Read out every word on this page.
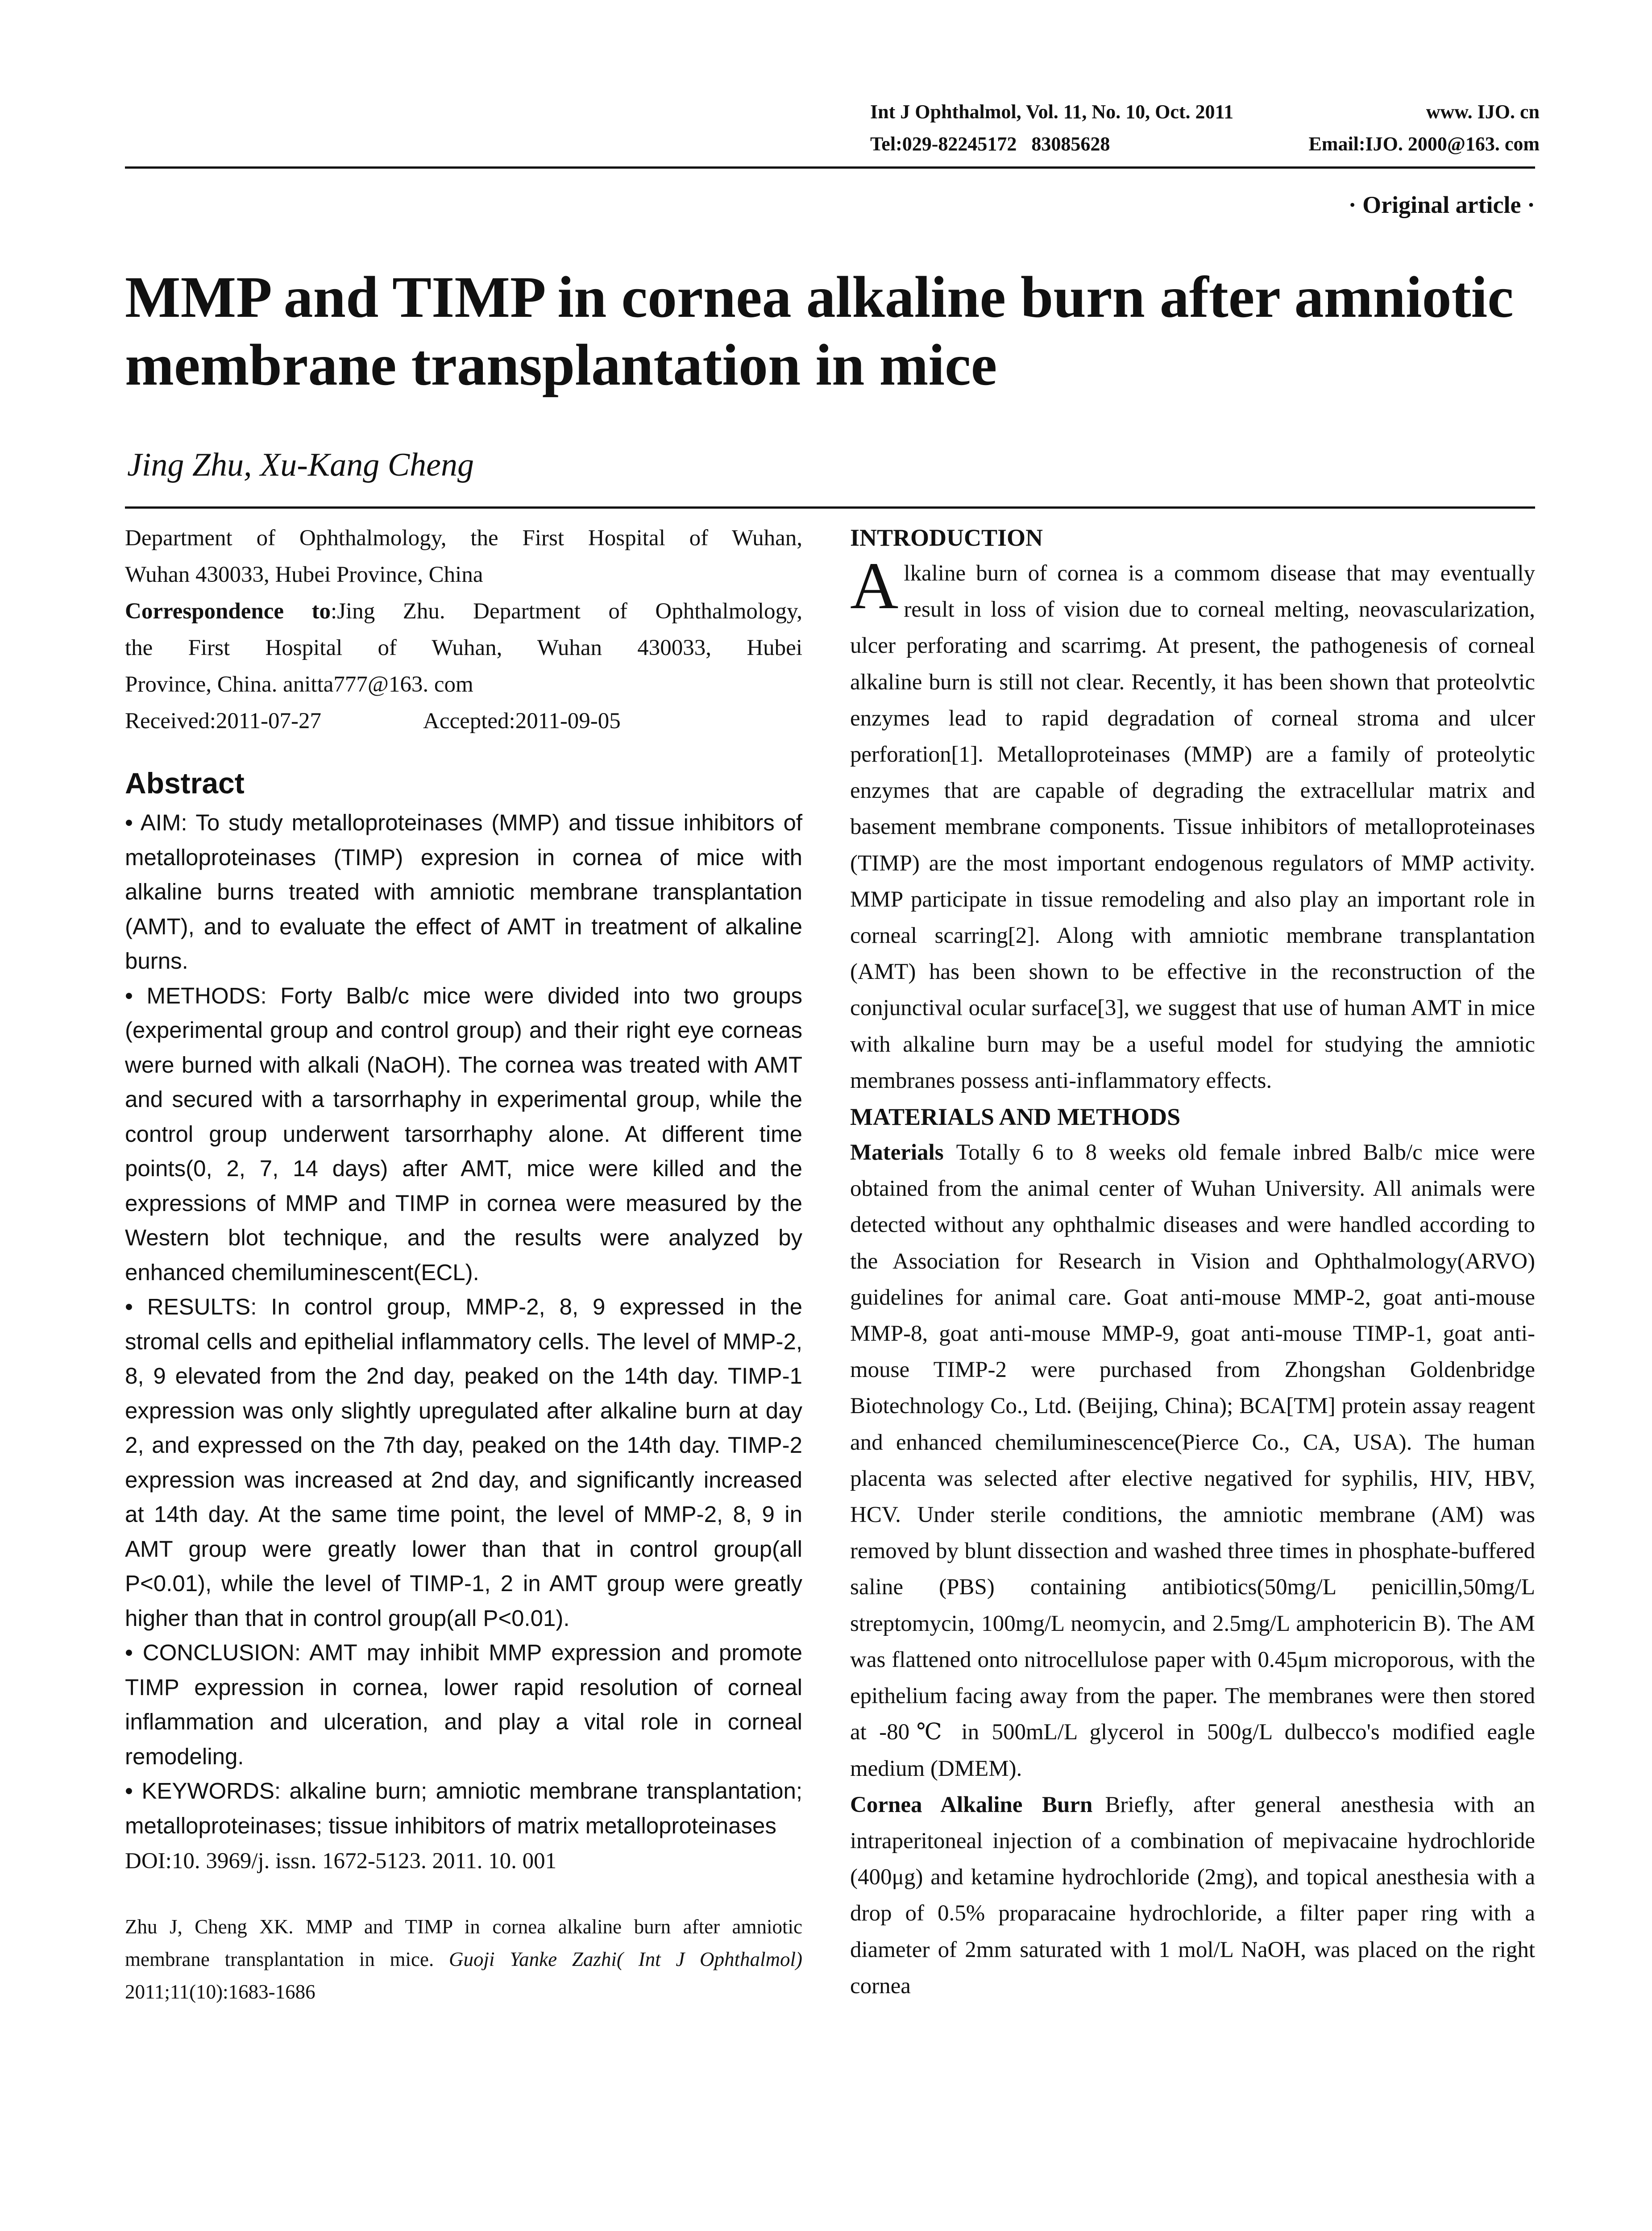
Int J Ophthalmol, Vol. 11, No. 10, Oct. 2011	www. IJO. cn
Tel:029-82245172   83085628	Email:IJO. 2000@163. com
· Original article ·
MMP and TIMP in cornea alkaline burn after amniotic membrane transplantation in mice
Jing Zhu, Xu-Kang Cheng

Department of Ophthalmology, the First Hospital of Wuhan,

Wuhan 430033, Hubei Province, China

Correspondence to:Jing Zhu. Department of Ophthalmology,

the First Hospital of Wuhan, Wuhan 430033, Hubei

Province, China. anitta777@163. com

Received:2011-07-27	Accepted:2011-09-05
Abstract

• AIM: To study metalloproteinases (MMP) and tissue inhibitors of metalloproteinases (TIMP) expresion in cornea of mice with alkaline burns treated with amniotic membrane transplantation (AMT), and to evaluate the effect of AMT in treatment of alkaline burns.

• METHODS: Forty Balb/c mice were divided into two groups (experimental group and control group) and their right eye corneas were burned with alkali (NaOH). The cornea was treated with AMT and secured with a tarsorrhaphy in experimental group, while the control group underwent tarsorrhaphy alone. At different time points(0, 2, 7, 14 days) after AMT, mice were killed and the expressions of MMP and TIMP in cornea were measured by the Western blot technique, and the results were analyzed by enhanced chemiluminescent(ECL).

• RESULTS: In control group, MMP-2, 8, 9 expressed in the stromal cells and epithelial inflammatory cells. The level of MMP-2, 8, 9 elevated from the 2nd day, peaked on the 14th day. TIMP-1 expression was only slightly upregulated after alkaline burn at day 2, and expressed on the 7th day, peaked on the 14th day. TIMP-2 expression was increased at 2nd day, and significantly increased at 14th day. At the same time point, the level of MMP-2, 8, 9 in AMT group were greatly lower than that in control group(all P<0.01), while the level of TIMP-1, 2 in AMT group were greatly higher than that in control group(all P<0.01).

• CONCLUSION: AMT may inhibit MMP expression and promote TIMP expression in cornea, lower rapid resolution of corneal inflammation and ulceration, and play a vital role in corneal remodeling.

• KEYWORDS: alkaline burn; amniotic membrane transplantation; metalloproteinases; tissue inhibitors of matrix metalloproteinases

DOI:10. 3969/j. issn. 1672-5123. 2011. 10. 001
Zhu J, Cheng XK. MMP and TIMP in cornea alkaline burn after amniotic membrane transplantation in mice. Guoji Yanke Zazhi( Int J Ophthalmol) 2011;11(10):1683-1686
INTRODUCTION

Alkaline burn of cornea is a commom disease that may eventually result in loss of vision due to corneal melting, neovascularization, ulcer perforating and scarrimg. At present, the pathogenesis of corneal alkaline burn is still not clear. Recently, it has been shown that proteolvtic enzymes lead to rapid degradation of corneal stroma and ulcer perforation[1]. Metalloproteinases (MMP) are a family of proteolytic enzymes that are capable of degrading the extracellular matrix and basement membrane components. Tissue inhibitors of metalloproteinases (TIMP) are the most important endogenous regulators of MMP activity. MMP participate in tissue remodeling and also play an important role in corneal scarring[2]. Along with amniotic membrane transplantation (AMT) has been shown to be effective in the reconstruction of the conjunctival ocular surface[3], we suggest that use of human AMT in mice with alkaline burn may be a useful model for studying the amniotic membranes possess anti-inflammatory effects.

MATERIALS AND METHODS

Materials Totally 6 to 8 weeks old female inbred Balb/c mice were obtained from the animal center of Wuhan University. All animals were detected without any ophthalmic diseases and were handled according to the Association for Research in Vision and Ophthalmology(ARVO) guidelines for animal care. Goat anti-mouse MMP-2, goat anti-mouse MMP-8, goat anti-mouse MMP-9, goat anti-mouse TIMP-1, goat anti-mouse TIMP-2 were purchased from Zhongshan Goldenbridge Biotechnology Co., Ltd. (Beijing, China); BCA[TM] protein assay reagent and enhanced chemiluminescence(Pierce Co., CA, USA). The human placenta was selected after elective negatived for syphilis, HIV, HBV, HCV. Under sterile conditions, the amniotic membrane (AM) was removed by blunt dissection and washed three times in phosphate-buffered saline (PBS) containing antibiotics(50mg/L penicillin,50mg/L streptomycin, 100mg/L neomycin, and 2.5mg/L amphotericin B). The AM was flattened onto nitrocellulose paper with 0.45μm microporous, with the epithelium facing away from the paper. The membranes were then stored at -80℃ in 500mL/L glycerol in 500g/L dulbecco's modified eagle medium (DMEM).

Cornea Alkaline Burn Briefly, after general anesthesia with an intraperitoneal injection of a combination of mepivacaine hydrochloride (400μg) and ketamine hydrochloride (2mg), and topical anesthesia with a drop of 0.5% proparacaine hydrochloride, a filter paper ring with a diameter of 2mm saturated with 1 mol/L NaOH, was placed on the right cornea
